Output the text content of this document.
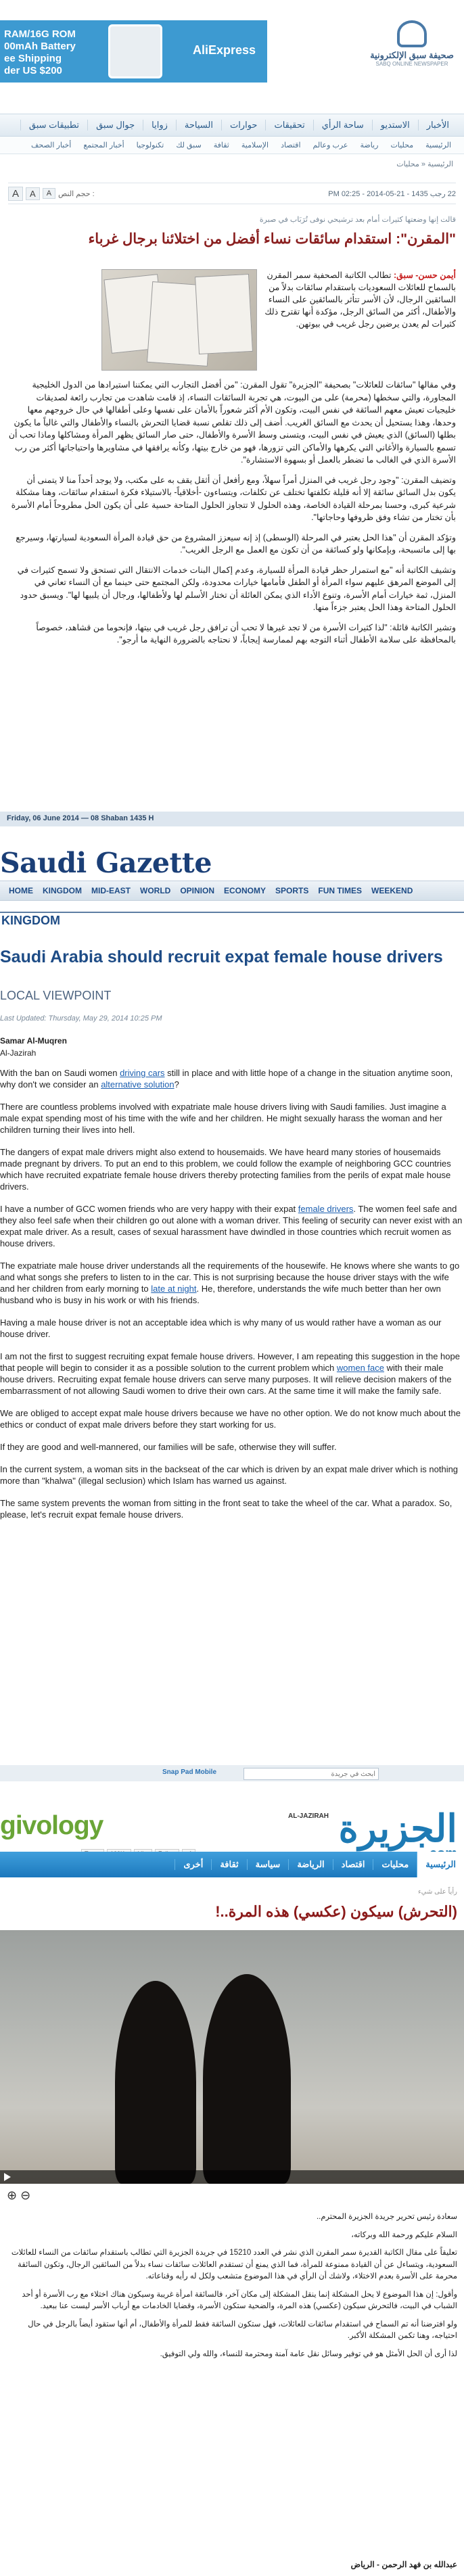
RAM/16G ROM
00mAh Battery
ee Shipping
der US $200
AliExpress	صحيفة سبق الإلكترونية
SABQ ONLINE NEWSPAPER
الأخبار
الاستديو
ساحة الرأي
تحقيقات
حوارات
السياحة
زوايا
جوال سبق
تطبيقات سبق
الرئيسية
محليات
رياضة
عرب وعالم
اقتصاد
الإسلامية
ثقافة
سبق لك
تكنولوجيا
أخبار المجتمع
أخبار الصحف
الرئيسية « محليات
A	A	A حجم النص :	22 رجب 1435 - 21-05-2014 - 02:25 PM
قالت إنها وضعتها كثيرات أمام بعد ترشيحي نوفى تُرَبَاب في صبرة
"المقرن": استقدام سائقات نساء أفضل من اختلائنا برجال غرباء
أيمن حسن- سبق: تطالب الكاتبة الصحفية سمر المقرن بالسماح للعائلات السعوديات باستقدام سائقات بدلاً من السائقين الرجال، لأن الأسر تتأثر بالسائقين على النساء والأطفال، أكثر من السائق الرجل، مؤكدة أنها تقترح ذلك كثيرات لم يعدن يرضين رجل غريب في بيوتهن.

وفي مقالها "سائقات للعائلات" بصحيفة "الجزيرة" تقول المقرن: "من أفضل التجارب التي يمكننا استيرادها من الدول الخليجية المجاورة، والتي سخطها (محرمة) على من البيوت، هي تجربة السائقات النساء، إذ قامت شاهدت من تجارب رائعة لصديقات خليجيات تعيش معهم السائقة في نفس البيت، وتكون الأم أكثر شعوراً بالأمان على نفسها وعلى أطفالها في حال خروجهم معها وحدها، وهذا يستحيل أن يحدث مع السائق الغريب. أضف إلى ذلك تقلص نسبة قضايا التحرش بالنساء والأطفال والتي غالباً ما يكون بطلها (السائق) الذي يعيش في نفس البيت، ويتسنى وسط الأسرة والأطفال، حتى صار السائق يظهر المرأة ومشاكلها وماذا تحب أن تسمع بالسيارة والأغاني التي يكرهها والأماكن التي تزورها، فهو من خارج بيتها، وكأنه يرافقها في مشاويرها واحتياجاتها أكثر من رب الأسرة الذي في الغالب ما تضطر بالعمل أو بسهوة الاستشارة".

وتضيف المقرن: "وجود رجل غريب في المنزل أمراً سهلاً، ومع رأفعل أن أثقل يقف به على مكتب، ولا يوجد أحداً منا لا يتمنى أن يكون بدل السائق سائقة إلا أنه قليلة تكلفتها تختلف عن تكلفات، ويتساءون -أخلاقياً- بالاستيلاء فكرة استقدام سائقات، وهنا مشكلة شرعية كبرى، وحسنا بمرحلة القيادة الخاصة، وهذه الحلول لا تتجاوز الحلول المتاحة حسية على أن يكون الحل مطروحاً أمام الأسرة بأن تختار من تشاء وفق ظروفها وحاجاتها".

وتؤكد المقرن أن "هذا الحل يعتبر في المرحلة (الوسطى) إذ إنه سيعزز المشروع من حق قيادة المرأة السعودية لسيارتها، وسيرجع بها إلى ماتسبحة، وبإمكانها ولو كسائقة من أن تكون مع العمل مع الرجل الغريب".

وتشيف الكاتبة أنه "مع استمرار حظر قيادة المرأة للسيارة، وعدم إكمال البنات خدمات الانتقال التي تستحق ولا تسمح كثيرات في إلى الموضع المرهق عليهم سواء المرأة أو الطفل فأمامها خيارات محدودة، ولكن المجتمع حتى حينما مع أن النساء تعاني في المنزل، ثمة خيارات أمام الأسرة، وتنوع الأداء الذي يمكن العائلة أن تختار الأسلم لها ولأطفالها، ورجال أن يلبيها لها". ويسبق حدود الحلول المتاحة وهذا الحل يعتبر جزءاً منها.

وتشير الكاتبة قائلة: "لذا كثيرات الأسرة من لا تجد غيرها لا تحب أن ترافق رجل غريب في بيتها، فإنحوما من قشاهد، خصوصاً بالمحافظة على سلامة الأطفال أثناء التوجه بهم لممارسة إيجاباً، لا نحتاجه بالضرورة النهاية ما أرجو".

Friday, 06 June 2014 — 08 Shaban 1435 H
Saudi Gazette
HOME	KINGDOM	MID-EAST	WORLD	OPINION	ECONOMY	SPORTS	FUN TIMES	WEEKEND
KINGDOM
Saudi Arabia should recruit expat female house drivers
LOCAL VIEWPOINT
Last Updated: Thursday, May 29, 2014 10:25 PM
Samar Al-Muqren
Al-Jazirah

With the ban on Saudi women driving cars still in place and with little hope of a change in the situation anytime soon, why don't we consider an alternative solution?

There are countless problems involved with expatriate male house drivers living with Saudi families. Just imagine a male expat spending most of his time with the wife and her children. He might sexually harass the woman and her children turning their lives into hell.

The dangers of expat male drivers might also extend to housemaids. We have heard many stories of housemaids made pregnant by drivers. To put an end to this problem, we could follow the example of neighboring GCC countries which have recruited expatriate female house drivers thereby protecting families from the perils of expat male house drivers.

I have a number of GCC women friends who are very happy with their expat female drivers. The women feel safe and they also feel safe when their children go out alone with a woman driver. This feeling of security can never exist with an expat male driver. As a result, cases of sexual harassment have dwindled in those countries which recruit women as house drivers.

The expatriate male house driver understands all the requirements of the housewife. He knows where she wants to go and what songs she prefers to listen to in the car. This is not surprising because the house driver stays with the wife and her children from early morning to late at night. He, therefore, understands the wife much better than her own husband who is busy in his work or with his friends.

Having a male house driver is not an acceptable idea which is why many of us would rather have a woman as our house driver.

I am not the first to suggest recruiting expat female house drivers. However, I am repeating this suggestion in the hope that people will begin to consider it as a possible solution to the current problem which women face with their male house drivers. Recruiting expat female house drivers can serve many purposes. It will relieve decision makers of the embarrassment of not allowing Saudi women to drive their own cars. At the same time it will make the family safe.

We are obliged to accept expat male house drivers because we have no other option. We do not know much about the ethics or conduct of expat male drivers before they start working for us.

If they are good and well-mannered, our families will be safe, otherwise they will suffer.

In the current system, a woman sits in the backseat of the car which is driven by an expat male driver which is nothing more than "khalwa" (illegal seclusion) which Islam has warned us against.

The same system prevents the woman from sitting in the front seat to take the wheel of the car. What a paradox. So, please, let's recruit expat female house drivers.

Snap Pad Mobile
ابحث في جريدة
givology	AL-JAZIRAH الجزيرة
الرئيسية
محليات
اقتصاد
الرياضة
سياسة
ثقافة
أخرى
رأياً على شيء
(التحرش) سيكون (عكسي) هذه المرة..!
⊕ ⊖

سعادة رئيس تحرير جريدة الجزيرة المحترم..

السلام عليكم ورحمة الله وبركاته،

تعليقاً على مقال الكاتبة القديرة سمر المقرن الذي نشر في العدد 15210 في جريدة الجزيرة التي تطالب باستقدام سائقات من النساء للعائلات السعودية، ويتساءل عن أن القيادة ممنوعة للمرأة، فما الذي يمنع أن تستقدم العائلات سائقات نساء بدلاً من السائقين الرجال، وتكون السائقة محرمة على الأسرة بعدم الاختلاء، ولاشك أن الرأي في هذا الموضوع متشعب ولكل له رأيه وقناعاته.

وأقول: إن هذا الموضوع لا يحل المشكلة إنما ينقل المشكلة إلى مكان آخر، فالسائقة امرأة غريبة وسيكون هناك اختلاء مع رب الأسرة أو أحد الشباب في البيت، فالتحرش سيكون (عكسي) هذه المرة، والضحية ستكون الأسرة، وقضايا الخادمات مع أرباب الأسر ليست عنا ببعيد.

ولو افترضنا أنه تم السماح في استقدام سائقات للعائلات، فهل ستكون السائقة فقط للمرأة والأطفال، أم أنها ستقود أيضاً بالرجل في حال احتياجه، وهنا تكمن المشكلة الأكبر.

لذا أرى أن الحل الأمثل هو في توفير وسائل نقل عامة آمنة ومحترمة للنساء، والله ولي التوفيق.

عبدالله بن فهد الرحمن - الرياض
